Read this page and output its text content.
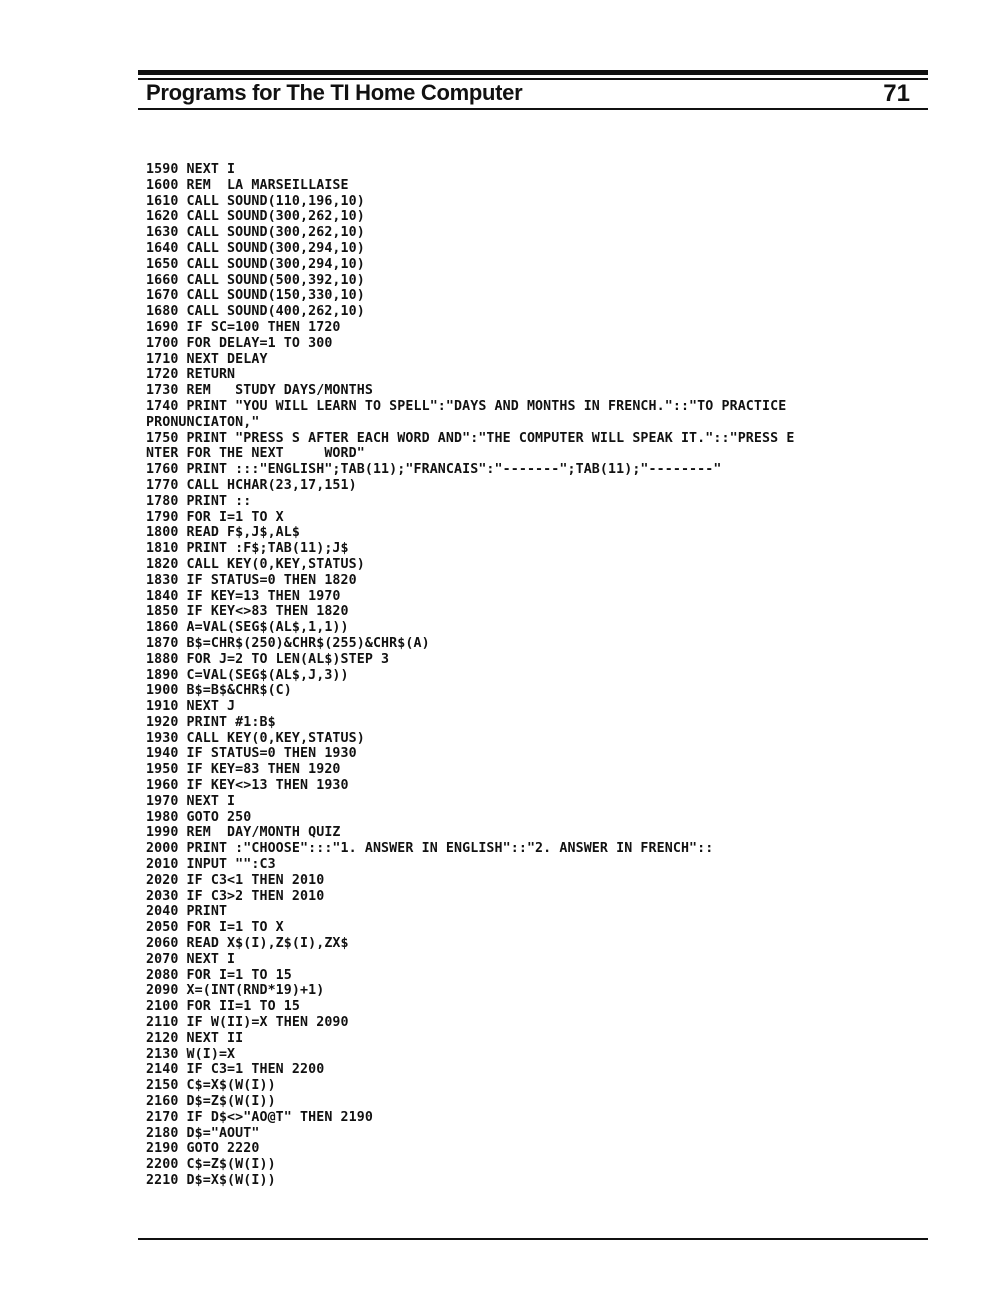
Programs for The TI Home Computer	71
1590 NEXT I
1600 REM  LA MARSEILLAISE
1610 CALL SOUND(110,196,10)
1620 CALL SOUND(300,262,10)
1630 CALL SOUND(300,262,10)
1640 CALL SOUND(300,294,10)
1650 CALL SOUND(300,294,10)
1660 CALL SOUND(500,392,10)
1670 CALL SOUND(150,330,10)
1680 CALL SOUND(400,262,10)
1690 IF SC=100 THEN 1720
1700 FOR DELAY=1 TO 300
1710 NEXT DELAY
1720 RETURN
1730 REM   STUDY DAYS/MONTHS
1740 PRINT "YOU WILL LEARN TO SPELL":"DAYS AND MONTHS IN FRENCH."::"TO PRACTICE
PRONUNCIATON,"
1750 PRINT "PRESS S AFTER EACH WORD AND":"THE COMPUTER WILL SPEAK IT."::"PRESS E
NTER FOR THE NEXT     WORD"
1760 PRINT :::"ENGLISH";TAB(11);"FRANCAIS":"-------";TAB(11);"--------"
1770 CALL HCHAR(23,17,151)
1780 PRINT ::
1790 FOR I=1 TO X
1800 READ F$,J$,AL$
1810 PRINT :F$;TAB(11);J$
1820 CALL KEY(0,KEY,STATUS)
1830 IF STATUS=0 THEN 1820
1840 IF KEY=13 THEN 1970
1850 IF KEY<>83 THEN 1820
1860 A=VAL(SEG$(AL$,1,1))
1870 B$=CHR$(250)&CHR$(255)&CHR$(A)
1880 FOR J=2 TO LEN(AL$)STEP 3
1890 C=VAL(SEG$(AL$,J,3))
1900 B$=B$&CHR$(C)
1910 NEXT J
1920 PRINT #1:B$
1930 CALL KEY(0,KEY,STATUS)
1940 IF STATUS=0 THEN 1930
1950 IF KEY=83 THEN 1920
1960 IF KEY<>13 THEN 1930
1970 NEXT I
1980 GOTO 250
1990 REM  DAY/MONTH QUIZ
2000 PRINT :"CHOOSE":::"1. ANSWER IN ENGLISH"::"2. ANSWER IN FRENCH"::
2010 INPUT "":C3
2020 IF C3<1 THEN 2010
2030 IF C3>2 THEN 2010
2040 PRINT
2050 FOR I=1 TO X
2060 READ X$(I),Z$(I),ZX$
2070 NEXT I
2080 FOR I=1 TO 15
2090 X=(INT(RND*19)+1)
2100 FOR II=1 TO 15
2110 IF W(II)=X THEN 2090
2120 NEXT II
2130 W(I)=X
2140 IF C3=1 THEN 2200
2150 C$=X$(W(I))
2160 D$=Z$(W(I))
2170 IF D$<>"AO@T" THEN 2190
2180 D$="AOUT"
2190 GOTO 2220
2200 C$=Z$(W(I))
2210 D$=X$(W(I))
